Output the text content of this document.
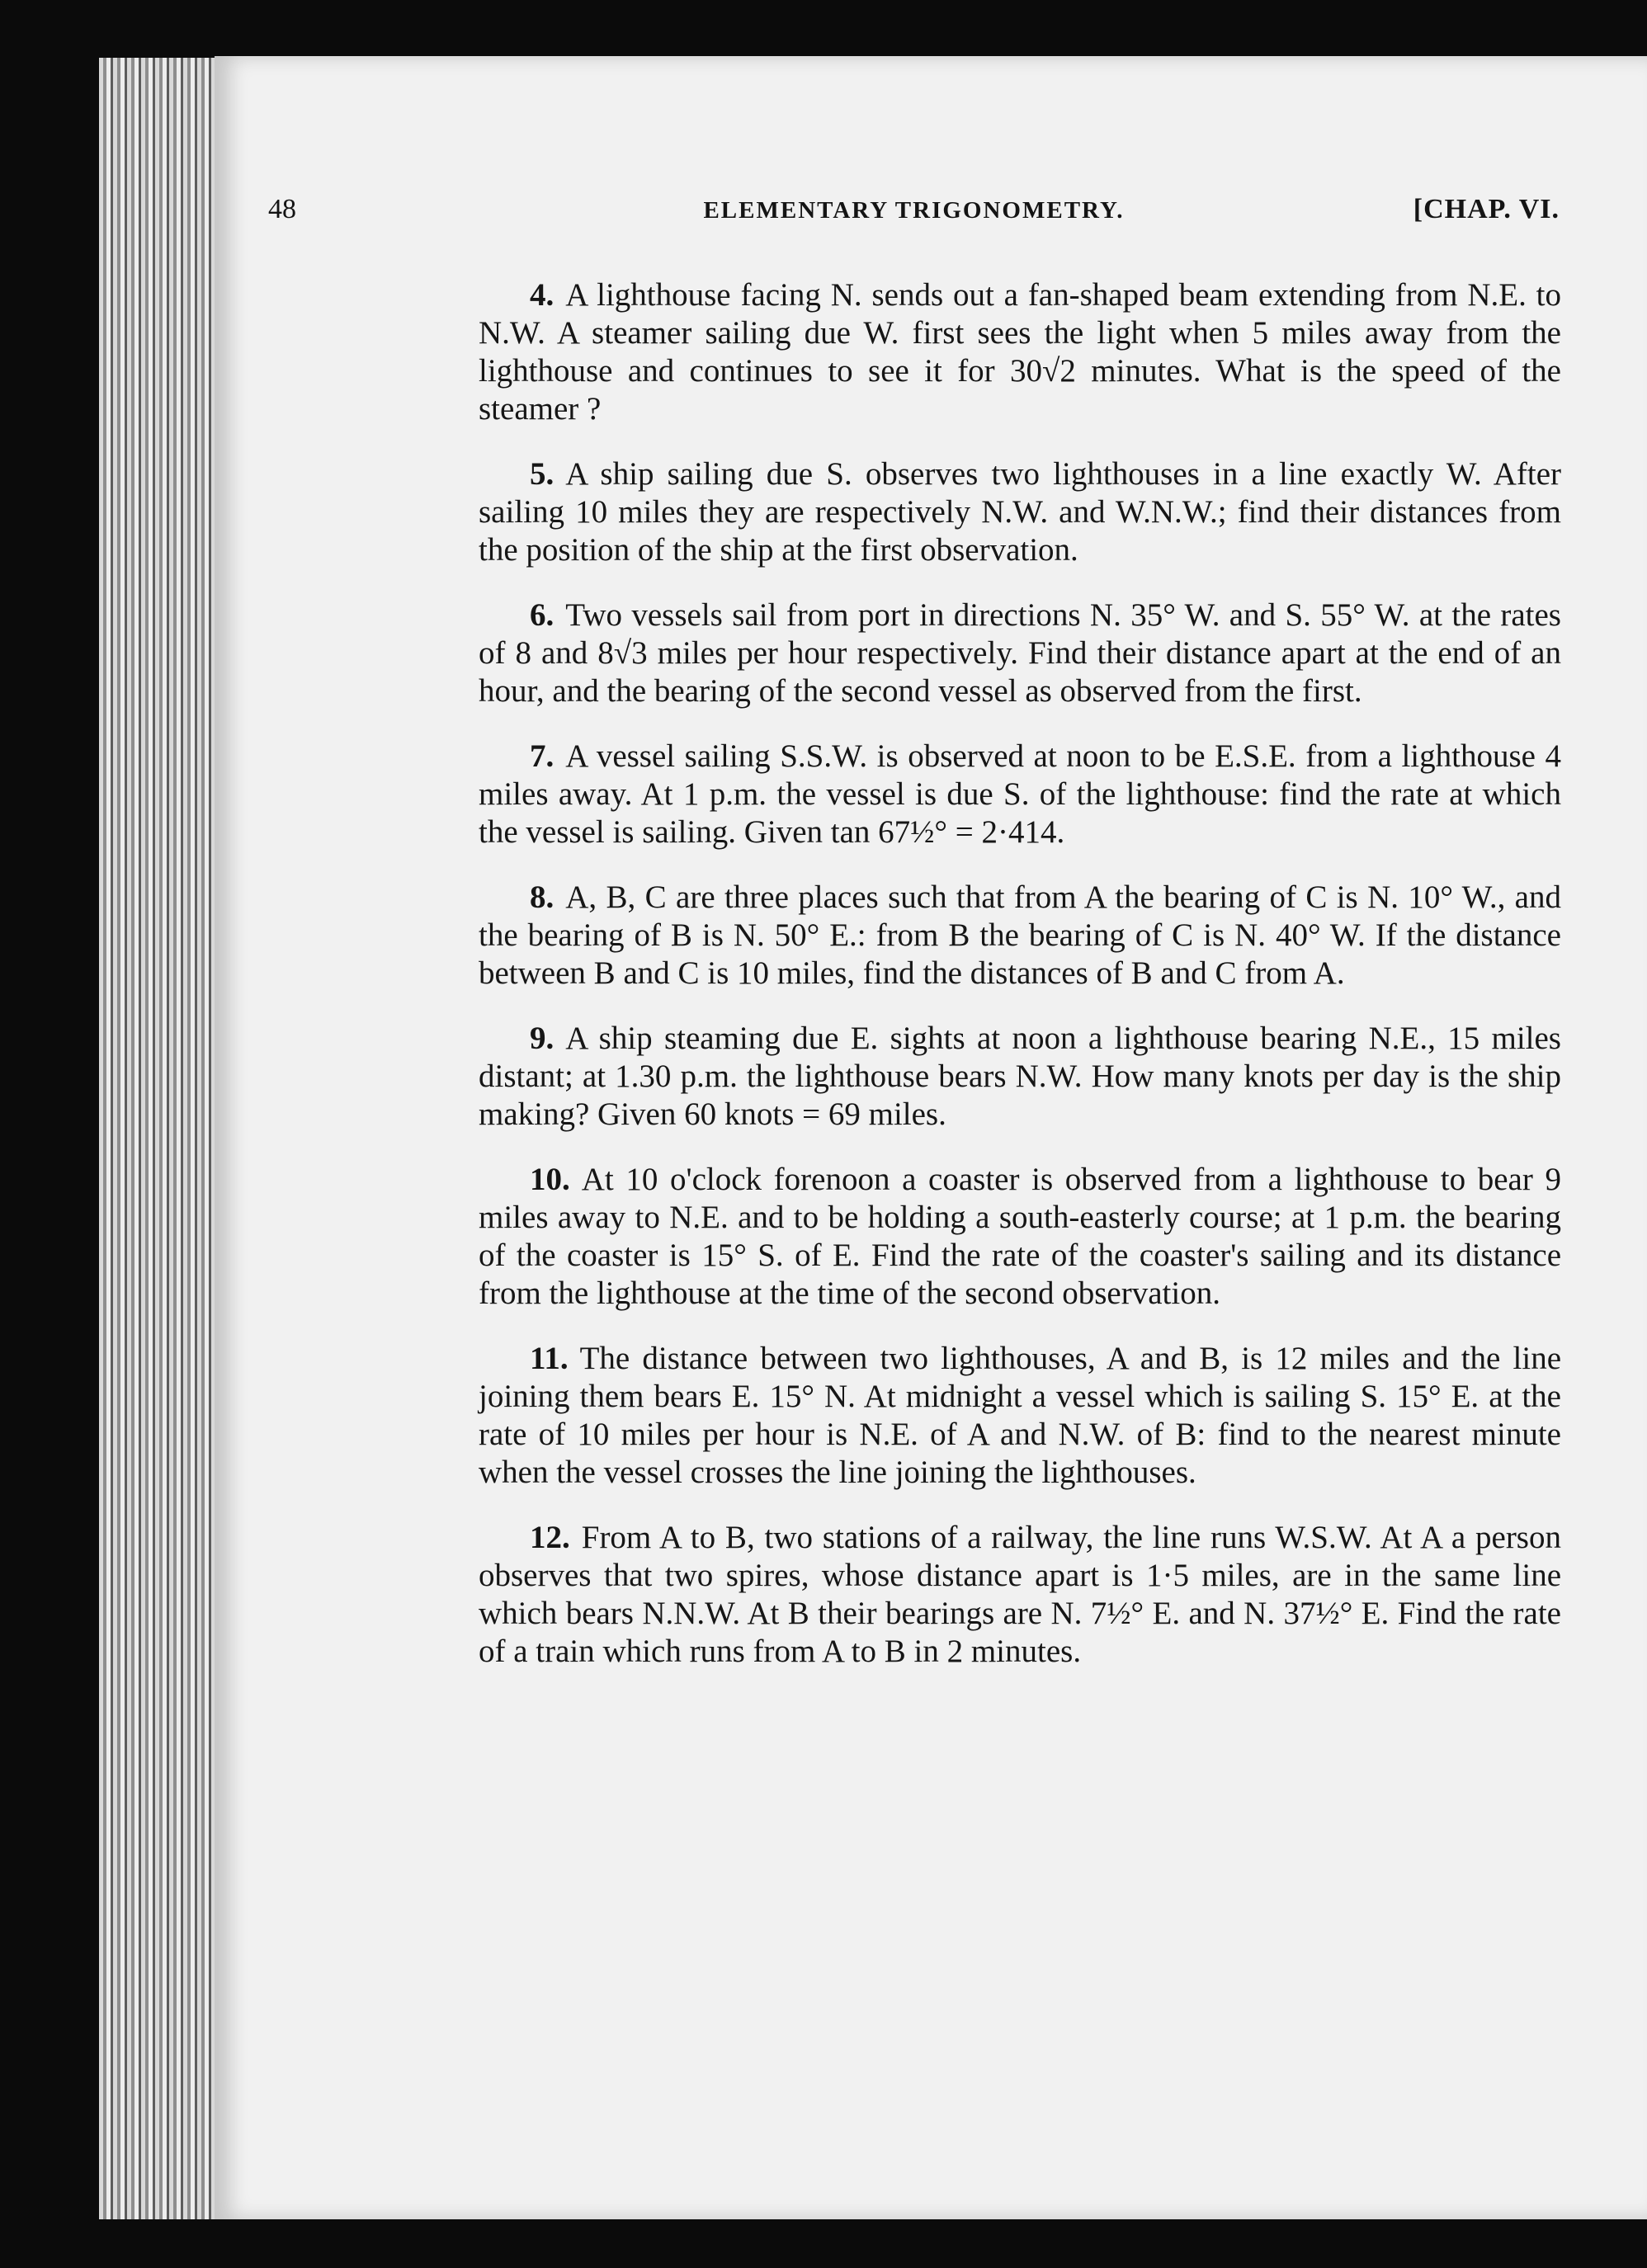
48	ELEMENTARY TRIGONOMETRY.	[CHAP. VI.

4. A lighthouse facing N. sends out a fan-shaped beam extending from N.E. to N.W. A steamer sailing due W. first sees the light when 5 miles away from the lighthouse and continues to see it for 30√2 minutes. What is the speed of the steamer ?

5. A ship sailing due S. observes two lighthouses in a line exactly W. After sailing 10 miles they are respectively N.W. and W.N.W.; find their distances from the position of the ship at the first observation.

6. Two vessels sail from port in directions N. 35° W. and S. 55° W. at the rates of 8 and 8√3 miles per hour respectively. Find their distance apart at the end of an hour, and the bearing of the second vessel as observed from the first.

7. A vessel sailing S.S.W. is observed at noon to be E.S.E. from a lighthouse 4 miles away. At 1 p.m. the vessel is due S. of the lighthouse: find the rate at which the vessel is sailing. Given tan 67½° = 2·414.

8. A, B, C are three places such that from A the bearing of C is N. 10° W., and the bearing of B is N. 50° E.: from B the bearing of C is N. 40° W. If the distance between B and C is 10 miles, find the distances of B and C from A.

9. A ship steaming due E. sights at noon a lighthouse bearing N.E., 15 miles distant; at 1.30 p.m. the lighthouse bears N.W. How many knots per day is the ship making? Given 60 knots = 69 miles.

10. At 10 o'clock forenoon a coaster is observed from a lighthouse to bear 9 miles away to N.E. and to be holding a south-easterly course; at 1 p.m. the bearing of the coaster is 15° S. of E. Find the rate of the coaster's sailing and its distance from the lighthouse at the time of the second observation.

11. The distance between two lighthouses, A and B, is 12 miles and the line joining them bears E. 15° N. At midnight a vessel which is sailing S. 15° E. at the rate of 10 miles per hour is N.E. of A and N.W. of B: find to the nearest minute when the vessel crosses the line joining the lighthouses.

12. From A to B, two stations of a railway, the line runs W.S.W. At A a person observes that two spires, whose distance apart is 1·5 miles, are in the same line which bears N.N.W. At B their bearings are N. 7½° E. and N. 37½° E. Find the rate of a train which runs from A to B in 2 minutes.
